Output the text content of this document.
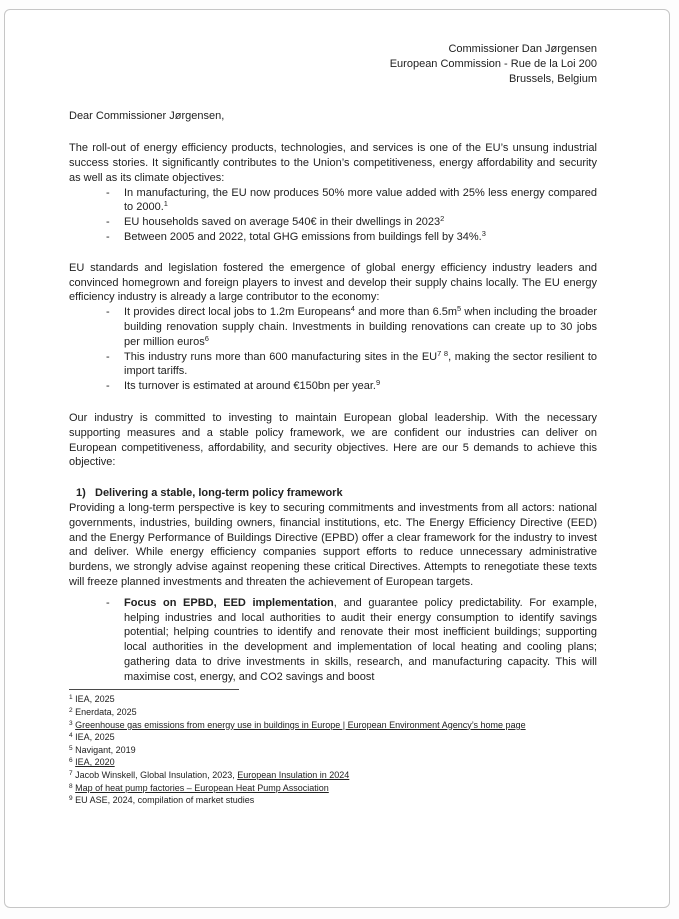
Commissioner Dan Jørgensen
European Commission - Rue de la Loi 200
Brussels, Belgium
Dear Commissioner Jørgensen,

The roll-out of energy efficiency products, technologies, and services is one of the EU’s unsung industrial success stories. It significantly contributes to the Union’s competitiveness, energy affordability and security as well as its climate objectives:

- In manufacturing, the EU now produces 50% more value added with 25% less energy compared to 2000.$^1$
- EU households saved on average 540€ in their dwellings in 2023$^2$
- Between 2005 and 2022, total GHG emissions from buildings fell by 34%.$^3$

EU standards and legislation fostered the emergence of global energy efficiency industry leaders and convinced homegrown and foreign players to invest and develop their supply chains locally. The EU energy efficiency industry is already a large contributor to the economy:

- It provides direct local jobs to 1.2m Europeans$^4$ and more than $6.5m^5$ when including the broader building renovation supply chain. Investments in building renovations can create up to 30 jobs per million euros$^6$
- This industry runs more than 600 manufacturing sites in the $EU^{7 8}$, making the sector resilient to import tariffs.
- Its turnover is estimated at around €150bn per year.$^9$

Our industry is committed to investing to maintain European global leadership. With the necessary supporting measures and a stable policy framework, we are confident our industries can deliver on European competitiveness, affordability, and security objectives. Here are our 5 demands to achieve this objective:

1) Delivering a stable, long-term policy framework

Providing a long-term perspective is key to securing commitments and investments from all actors: national governments, industries, building owners, financial institutions, etc. The Energy Efficiency Directive (EED) and the Energy Performance of Buildings Directive (EPBD) offer a clear framework for the industry to invest and deliver. While energy efficiency companies support efforts to reduce unnecessary administrative burdens, we strongly advise against reopening these critical Directives. Attempts to renegotiate these texts will freeze planned investments and threaten the achievement of European targets.

- Focus on EPBD, EED implementation, and guarantee policy predictability. For example, helping industries and local authorities to audit their energy consumption to identify savings potential; helping countries to identify and renovate their most inefficient buildings; supporting local authorities in the development and implementation of local heating and cooling plans; gathering data to drive investments in skills, research, and manufacturing capacity. This will maximise cost, energy, and CO2 savings and boost
$^1$ IEA, 2025
$^2$ Enerdata, 2025
$^3$ Greenhouse gas emissions from energy use in buildings in Europe | European Environment Agency’s home page
$^4$ IEA, 2025
$^5$ Navigant, 2019
$^6$ IEA, 2020
$^7$ Jacob Winskell, Global Insulation, 2023, European Insulation in 2024
$^8$ Map of heat pump factories – European Heat Pump Association
$^9$ EU ASE, 2024, compilation of market studies
